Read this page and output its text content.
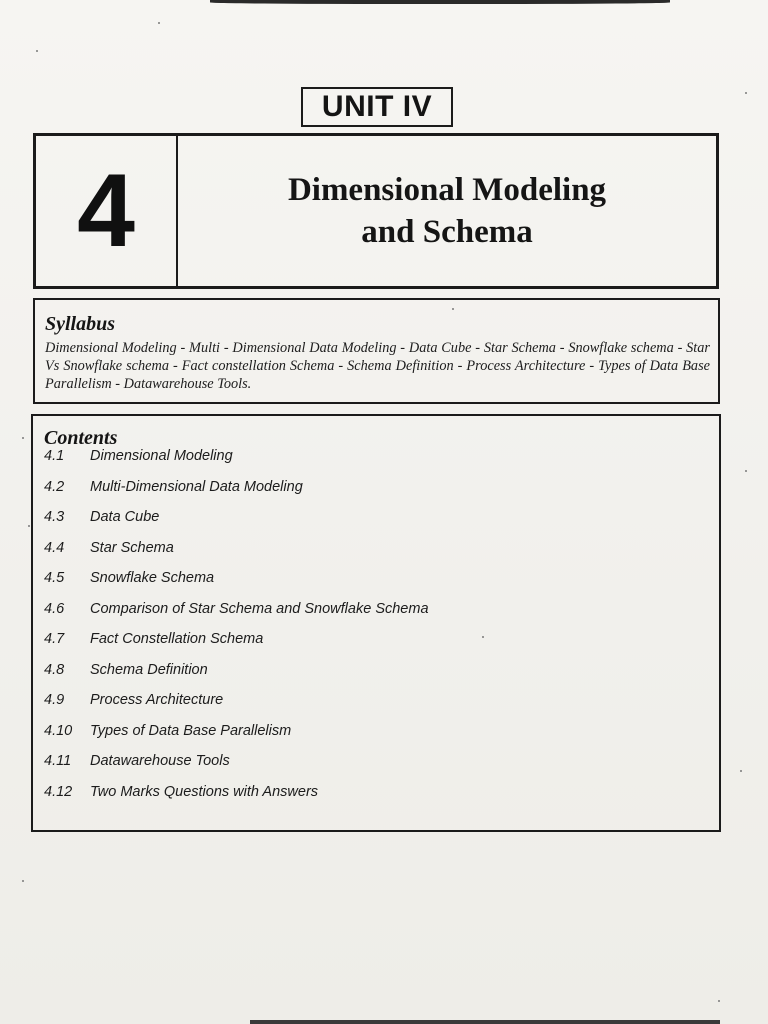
UNIT IV
4	Dimensional Modeling
and Schema
Syllabus
Dimensional Modeling - Multi - Dimensional Data Modeling - Data Cube - Star Schema - Snowflake schema - Star Vs Snowflake schema - Fact constellation Schema - Schema Definition - Process Architecture - Types of Data Base Parallelism - Datawarehouse Tools.
Contents
4.1	Dimensional Modeling
4.2	Multi-Dimensional Data Modeling
4.3	Data Cube
4.4	Star Schema
4.5	Snowflake Schema
4.6	Comparison of Star Schema and Snowflake Schema
4.7	Fact Constellation Schema
4.8	Schema Definition
4.9	Process Architecture
4.10	Types of Data Base Parallelism
4.11	Datawarehouse Tools
4.12	Two Marks Questions with Answers
